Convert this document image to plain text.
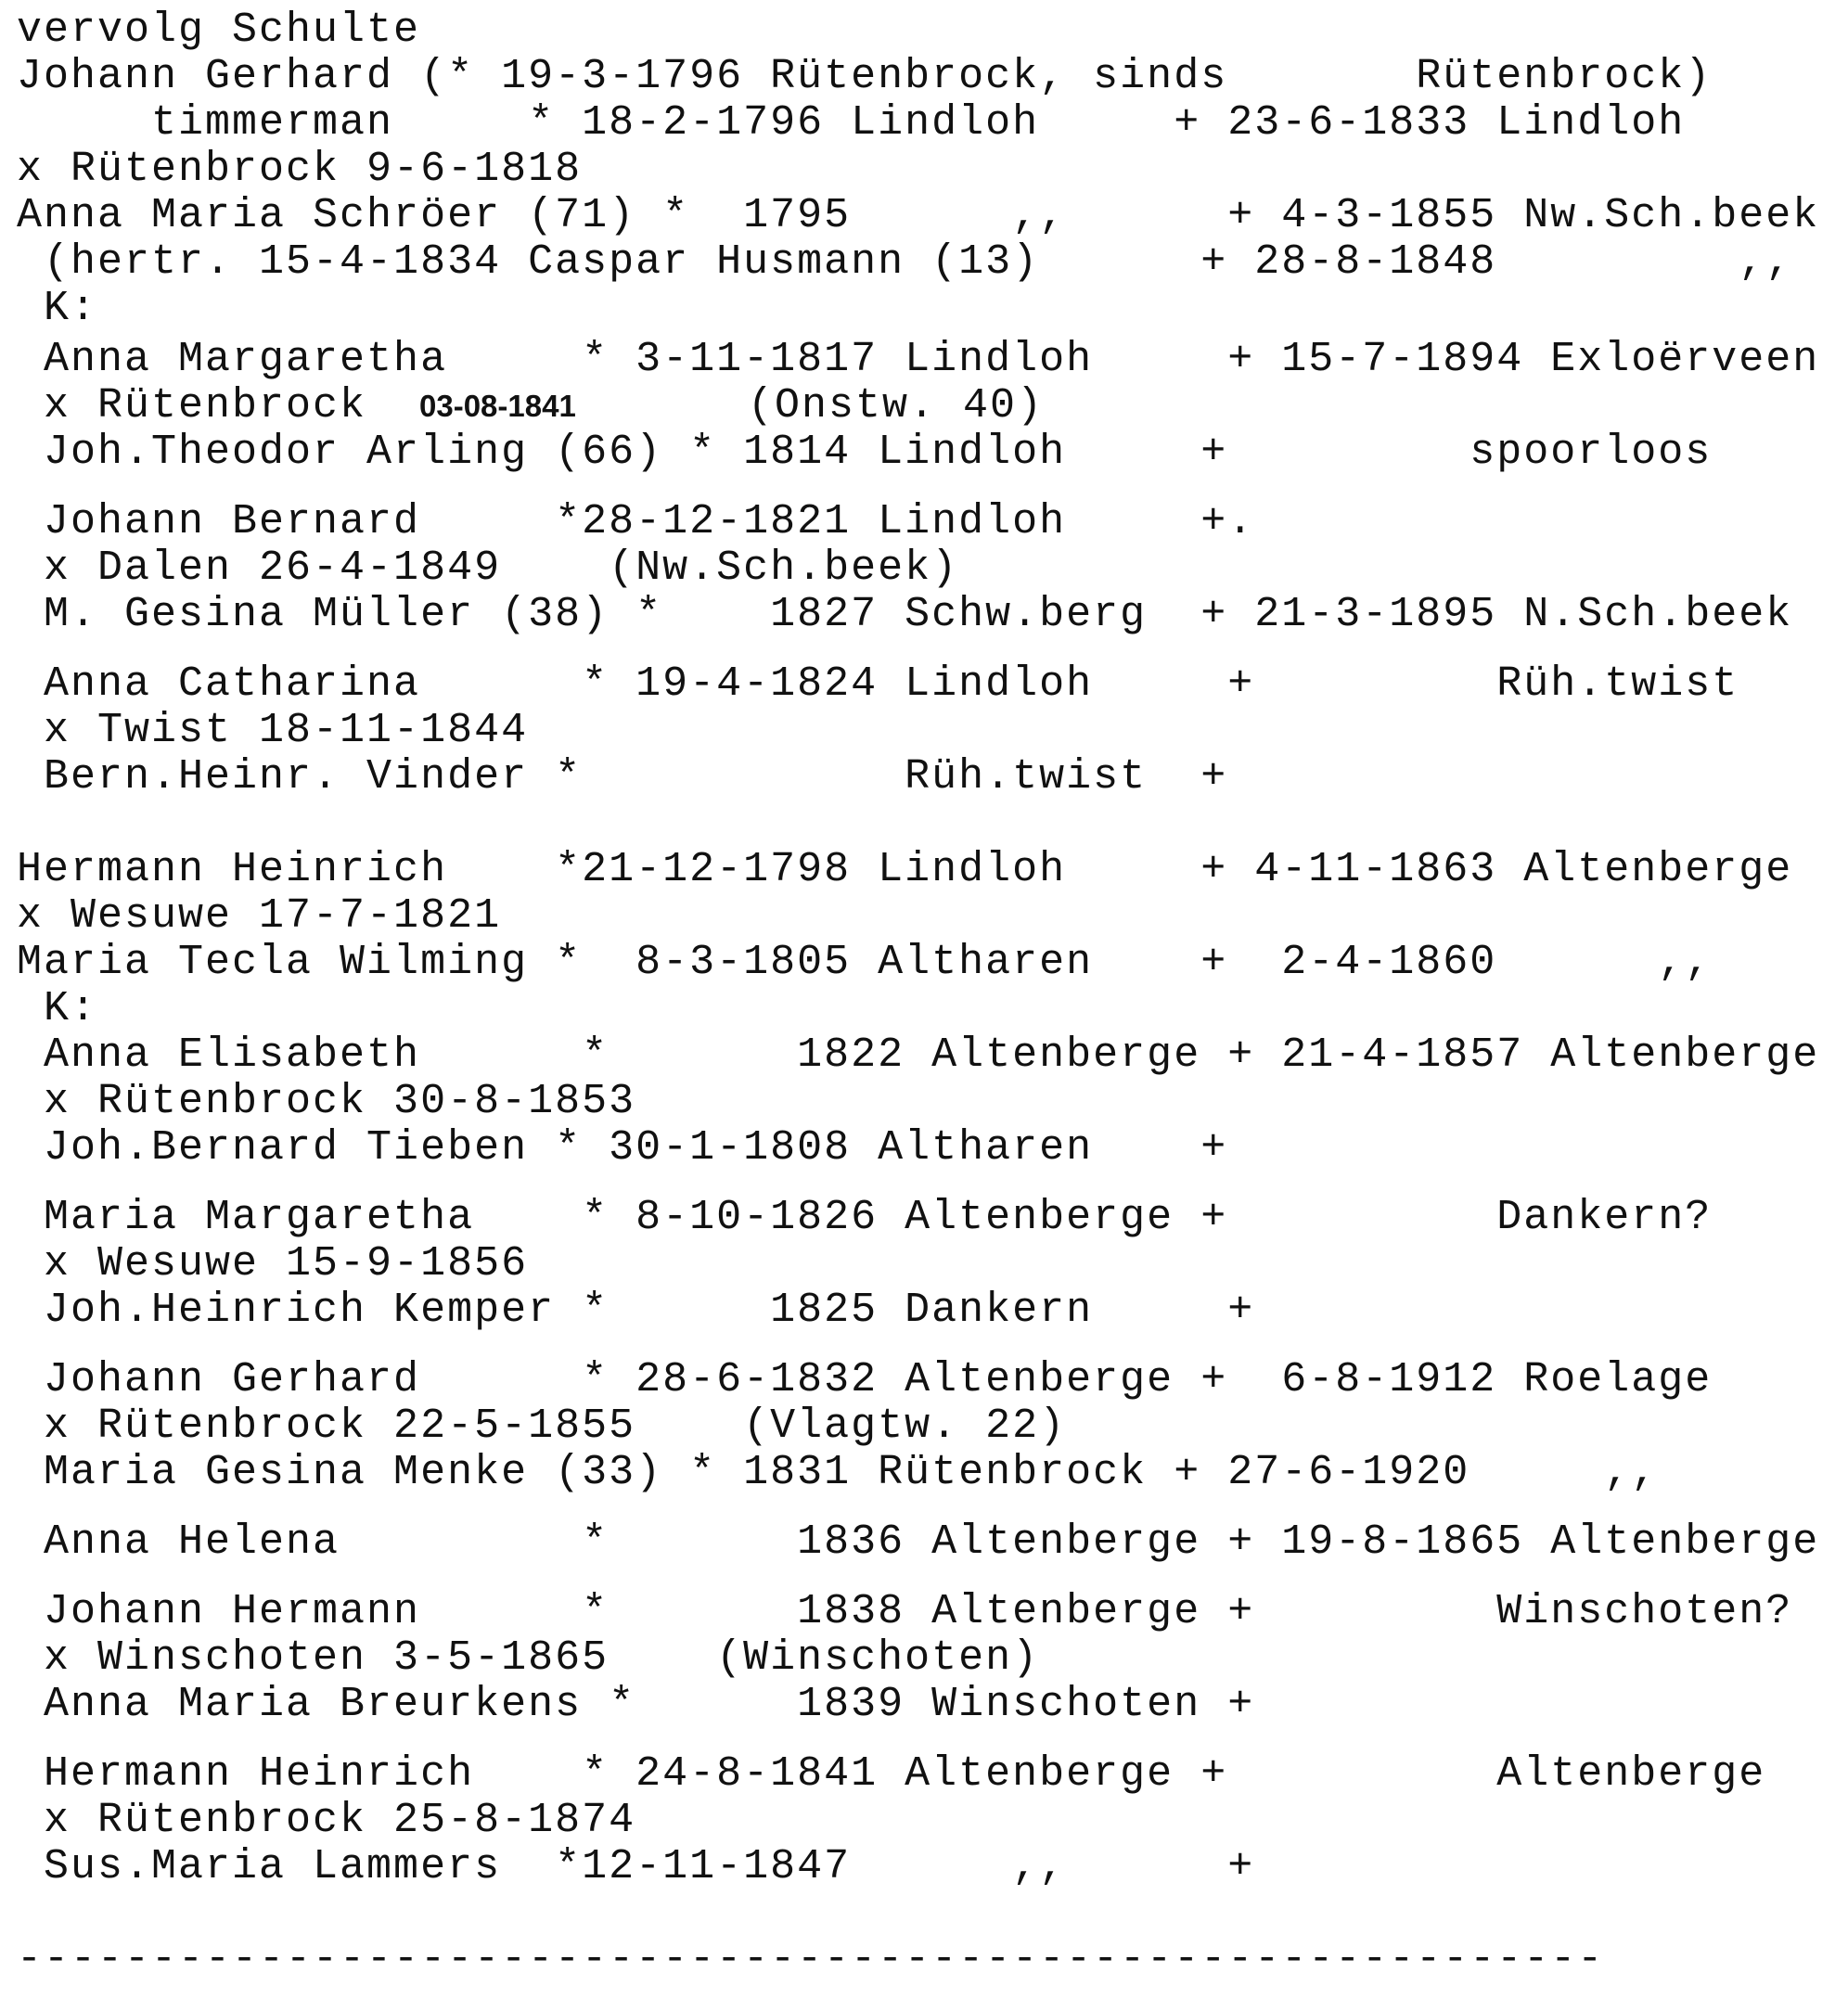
vervolg Schulte
Johann Gerhard (* 19-3-1796 Rütenbrock, sinds       Rütenbrock)
timmerman     * 18-2-1796 Lindloh     + 23-6-1833 Lindloh
x Rütenbrock 9-6-1818
Anna Maria Schröer (71) *  1795      ,,      + 4-3-1855 Nw.Sch.beek
(hertr. 15-4-1834 Caspar Husmann (13)      + 28-8-1848         ,,
K:
Anna Margaretha     * 3-11-1817 Lindloh     + 15-7-1894 Exloërveen
x Rütenbrock 03-08-1841	(Onstw. 40)
Joh.Theodor Arling (66) * 1814 Lindloh     +         spoorloos
Johann Bernard     *28-12-1821 Lindloh     +.
x Dalen 26-4-1849    (Nw.Sch.beek)
M. Gesina Müller (38) *    1827 Schw.berg  + 21-3-1895 N.Sch.beek
Anna Catharina      * 19-4-1824 Lindloh     +         Rüh.twist
x Twist 18-11-1844
Bern.Heinr. Vinder *            Rüh.twist  +
Hermann Heinrich    *21-12-1798 Lindloh     + 4-11-1863 Altenberge
x Wesuwe 17-7-1821
Maria Tecla Wilming *  8-3-1805 Altharen    +  2-4-1860      ,,
K:
Anna Elisabeth      *       1822 Altenberge + 21-4-1857 Altenberge
x Rütenbrock 30-8-1853
Joh.Bernard Tieben * 30-1-1808 Altharen    +
Maria Margaretha    * 8-10-1826 Altenberge +          Dankern?
x Wesuwe 15-9-1856
Joh.Heinrich Kemper *      1825 Dankern     +
Johann Gerhard      * 28-6-1832 Altenberge +  6-8-1912 Roelage
x Rütenbrock 22-5-1855    (Vlagtw. 22)
Maria Gesina Menke (33) * 1831 Rütenbrock + 27-6-1920     ,,
Anna Helena         *       1836 Altenberge + 19-8-1865 Altenberge
Johann Hermann      *       1838 Altenberge +         Winschoten?
x Winschoten 3-5-1865    (Winschoten)
Anna Maria Breurkens *      1839 Winschoten +
Hermann Heinrich    * 24-8-1841 Altenberge +          Altenberge
x Rütenbrock 25-8-1874
Sus.Maria Lammers  *12-11-1847      ,,      +
-----------------------------------------------------------
